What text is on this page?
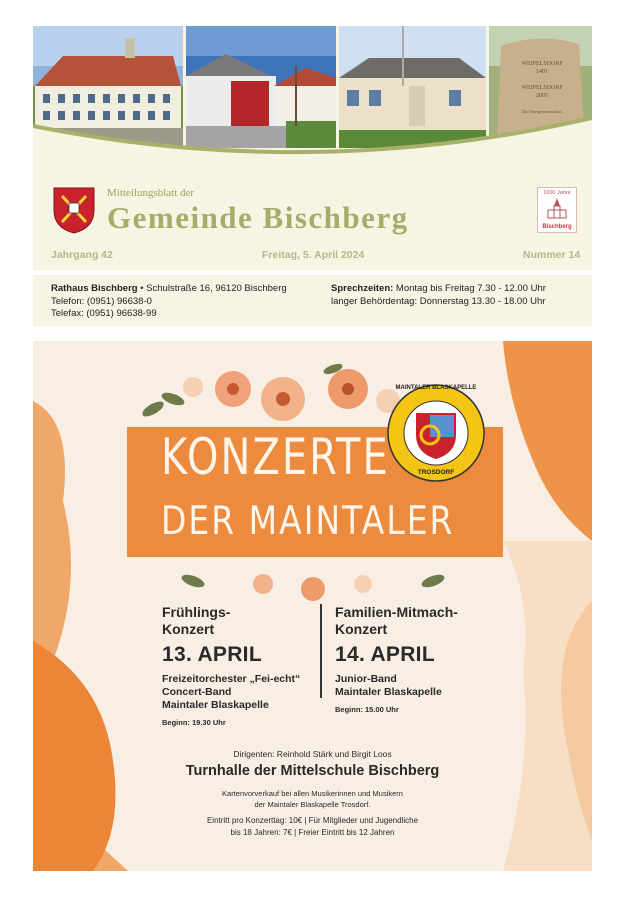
WEIPELSDORF
1401
WEIPELSDORF
2005
Die Dorfgemeinschaft
Mitteilungsblatt der
Gemeinde Bischberg
1000 Jahre
Bischberg
Jahrgang 42	Freitag, 5. April 2024	Nummer 14
Rathaus Bischberg • Schulstraße 16, 96120 Bischberg
Telefon: (0951) 96638-0
Telefax: (0951) 96638-99
Sprechzeiten: Montag bis Freitag 7.30 - 12.00 Uhr
langer Behördentag: Donnerstag 13.30 - 18.00 Uhr
KONZERTE
DER MAINTALER
MAINTALER BLASKAPELLE
TROSDORF
Frühlings-
Konzert
13. APRIL
Freizeitorchester „Fei-echt“
Concert-Band
Maintaler Blaskapelle
Beginn: 19.30 Uhr
Familien-Mitmach-
Konzert
14. APRIL
Junior-Band
Maintaler Blaskapelle
Beginn: 15.00 Uhr
Dirigenten: Reinhold Stärk und Birgit Loos
Turnhalle der Mittelschule Bischberg
Kartenvorverkauf bei allen Musikerinnen und Musikern
der Maintaler Blaskapelle Trosdorf.
Eintritt pro Konzerttag: 10€ | Für Mitglieder und Jugendliche
bis 18 Jahren: 7€ | Freier Eintritt bis 12 Jahren
